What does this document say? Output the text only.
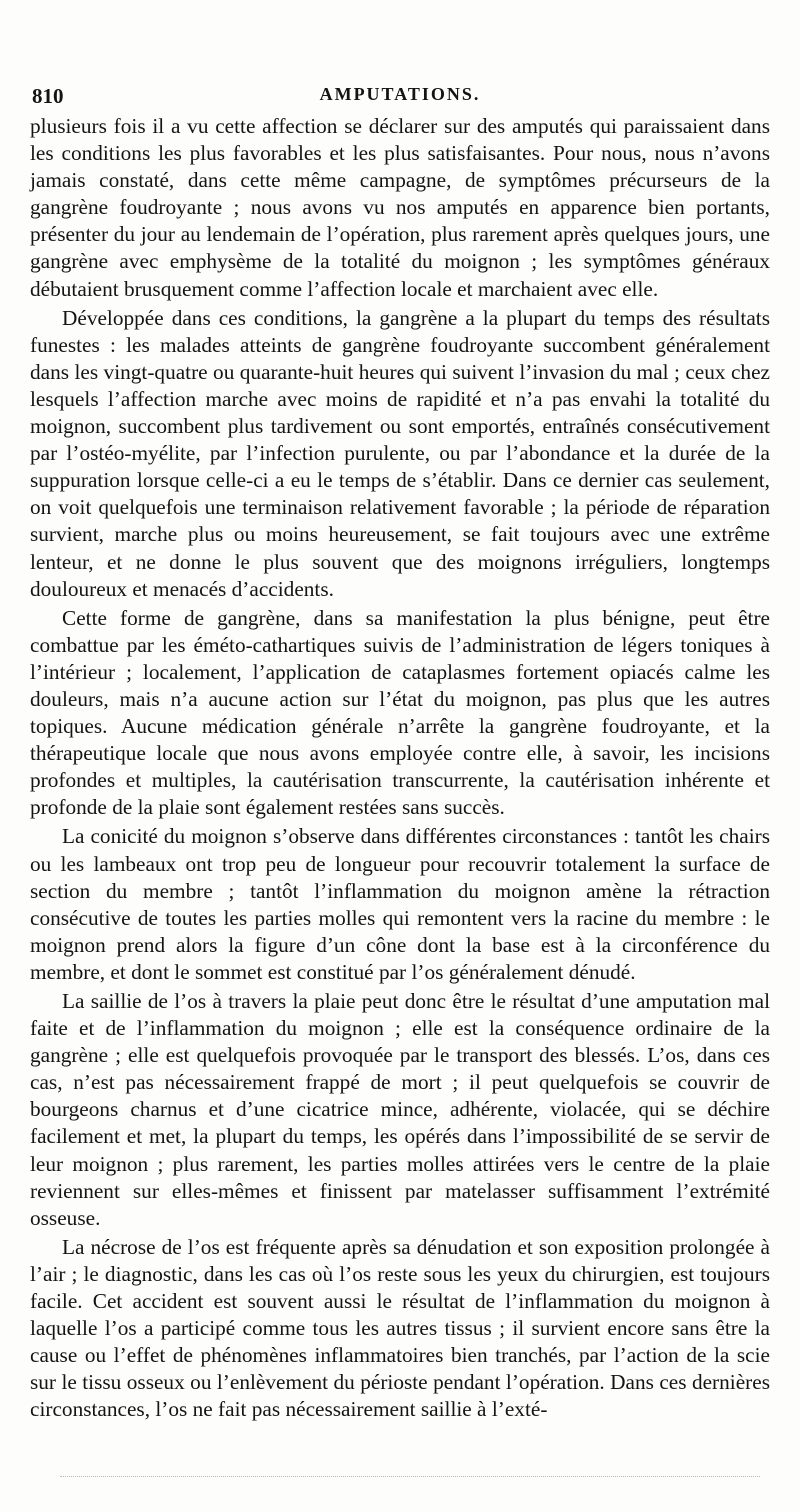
810	AMPUTATIONS.

plusieurs fois il a vu cette affection se déclarer sur des amputés qui paraissaient dans les conditions les plus favorables et les plus satisfaisantes. Pour nous, nous n’avons jamais constaté, dans cette même campagne, de symptômes précurseurs de la gangrène foudroyante ; nous avons vu nos amputés en apparence bien portants, présenter du jour au lendemain de l’opération, plus rarement après quelques jours, une gangrène avec emphysème de la totalité du moignon ; les symptômes généraux débutaient brusquement comme l’affection locale et marchaient avec elle.

Développée dans ces conditions, la gangrène a la plupart du temps des résultats funestes : les malades atteints de gangrène foudroyante succombent généralement dans les vingt-quatre ou quarante-huit heures qui suivent l’invasion du mal ; ceux chez lesquels l’affection marche avec moins de rapidité et n’a pas envahi la totalité du moignon, succombent plus tardivement ou sont emportés, entraînés consécutivement par l’ostéo-myélite, par l’infection purulente, ou par l’abondance et la durée de la suppuration lorsque celle-ci a eu le temps de s’établir. Dans ce dernier cas seulement, on voit quelquefois une terminaison relativement favorable ; la période de réparation survient, marche plus ou moins heureusement, se fait toujours avec une extrême lenteur, et ne donne le plus souvent que des moignons irréguliers, longtemps douloureux et menacés d’accidents.

Cette forme de gangrène, dans sa manifestation la plus bénigne, peut être combattue par les éméto-cathartiques suivis de l’administration de légers toniques à l’intérieur ; localement, l’application de cataplasmes fortement opiacés calme les douleurs, mais n’a aucune action sur l’état du moignon, pas plus que les autres topiques. Aucune médication générale n’arrête la gangrène foudroyante, et la thérapeutique locale que nous avons employée contre elle, à savoir, les incisions profondes et multiples, la cautérisation transcurrente, la cautérisation inhérente et profonde de la plaie sont également restées sans succès.

La conicité du moignon s’observe dans différentes circonstances : tantôt les chairs ou les lambeaux ont trop peu de longueur pour recouvrir totalement la surface de section du membre ; tantôt l’inflammation du moignon amène la rétraction consécutive de toutes les parties molles qui remontent vers la racine du membre : le moignon prend alors la figure d’un cône dont la base est à la circonférence du membre, et dont le sommet est constitué par l’os généralement dénudé.

La saillie de l’os à travers la plaie peut donc être le résultat d’une amputation mal faite et de l’inflammation du moignon ; elle est la conséquence ordinaire de la gangrène ; elle est quelquefois provoquée par le transport des blessés. L’os, dans ces cas, n’est pas nécessairement frappé de mort ; il peut quelquefois se couvrir de bourgeons charnus et d’une cicatrice mince, adhérente, violacée, qui se déchire facilement et met, la plupart du temps, les opérés dans l’impossibilité de se servir de leur moignon ; plus rarement, les parties molles attirées vers le centre de la plaie reviennent sur elles-mêmes et finissent par matelasser suffisamment l’extrémité osseuse.

La nécrose de l’os est fréquente après sa dénudation et son exposition prolongée à l’air ; le diagnostic, dans les cas où l’os reste sous les yeux du chirurgien, est toujours facile. Cet accident est souvent aussi le résultat de l’inflammation du moignon à laquelle l’os a participé comme tous les autres tissus ; il survient encore sans être la cause ou l’effet de phénomènes inflammatoires bien tranchés, par l’action de la scie sur le tissu osseux ou l’enlèvement du périoste pendant l’opération. Dans ces dernières circonstances, l’os ne fait pas nécessairement saillie à l’exté-
